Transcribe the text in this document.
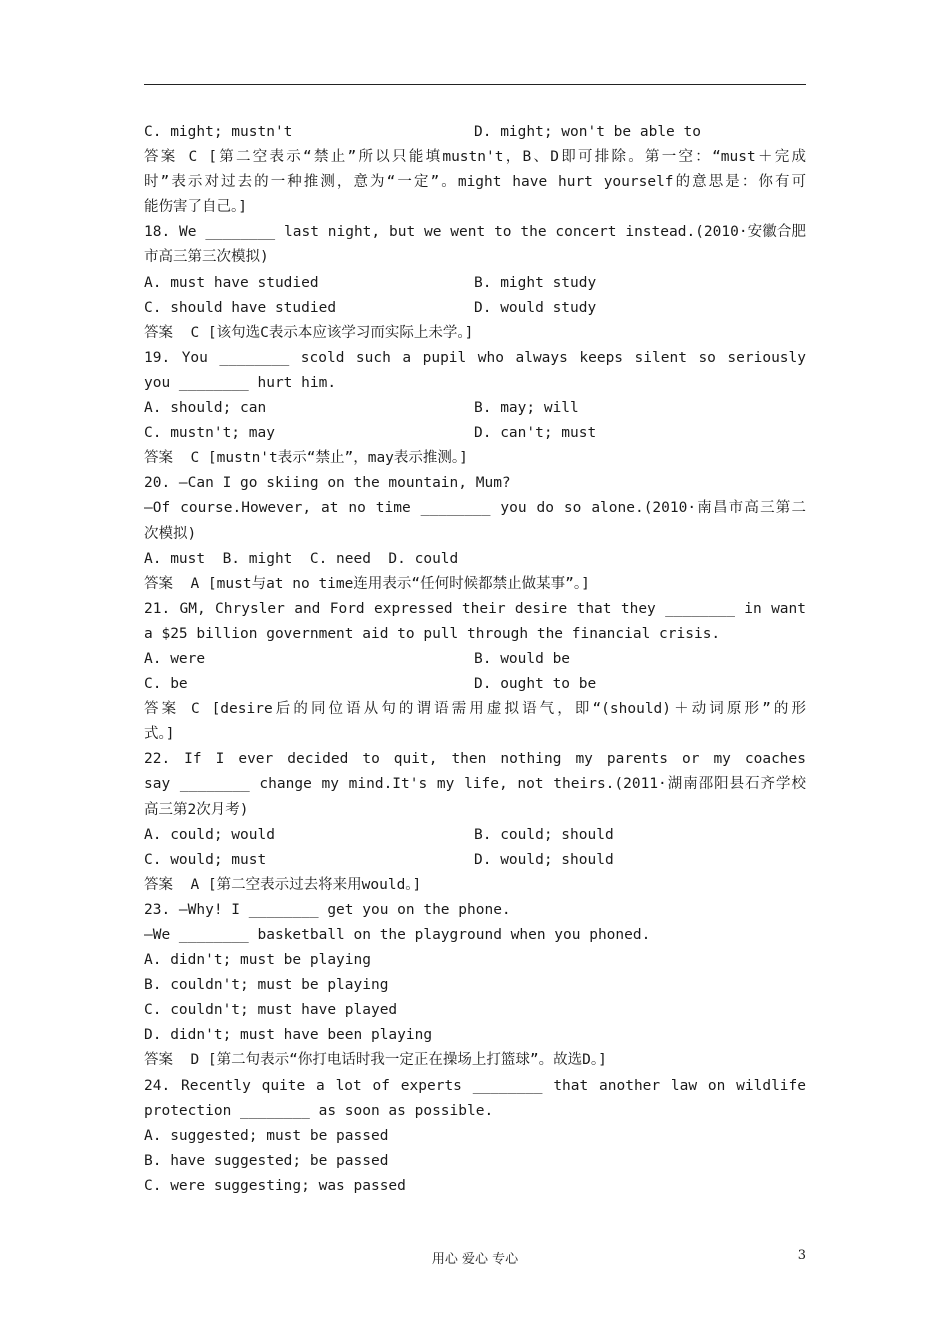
C. might; mustn't	D. might; won't be able to
答案 C [第二空表示“禁止”所以只能填mustn't，B、D即可排除。第一空：“must＋完成
时”表示对过去的一种推测，意为“一定”。might have hurt yourself的意思是：你有可
能伤害了自己。]
18. We ________ last night, but we went to the concert instead.(2010·安徽合肥
市高三第三次模拟)
A. must have studied	B. might study
C. should have studied	D. would study
答案  C [该句选C表示本应该学习而实际上未学。]
19. You ________ scold such a pupil who always keeps silent so seriously
you ________ hurt him.
A. should; can	B. may; will
C. mustn't; may	D. can't; must
答案  C [mustn't表示“禁止”，may表示推测。]
20. —Can I go skiing on the mountain, Mum?
—Of course.However, at no time ________ you do so alone.(2010·南昌市高三第二
次模拟)
A. must  B. might  C. need  D. could
答案  A [must与at no time连用表示“任何时候都禁止做某事”。]
21. GM, Chrysler and Ford expressed their desire that they ________ in want
a $25 billion government aid to pull through the financial crisis.
A. were	B. would be
C. be	D. ought to be
答案 C [desire后的同位语从句的谓语需用虚拟语气，即“(should)＋动词原形”的形
式。]
22. If I ever decided to quit, then nothing my parents or my coaches
say ________ change my mind.It's my life, not theirs.(2011·湖南邵阳县石齐学校
高三第2次月考)
A. could; would	B. could; should
C. would; must	D. would; should
答案  A [第二空表示过去将来用would。]
23. —Why! I ________ get you on the phone.
—We ________ basketball on the playground when you phoned.
A. didn't; must be playing
B. couldn't; must be playing
C. couldn't; must have played
D. didn't; must have been playing
答案  D [第二句表示“你打电话时我一定正在操场上打篮球”。故选D。]
24. Recently quite a lot of experts ________ that another law on wildlife
protection ________ as soon as possible.
A. suggested; must be passed
B. have suggested; be passed
C. were suggesting; was passed
用心 爱心 专心	3
